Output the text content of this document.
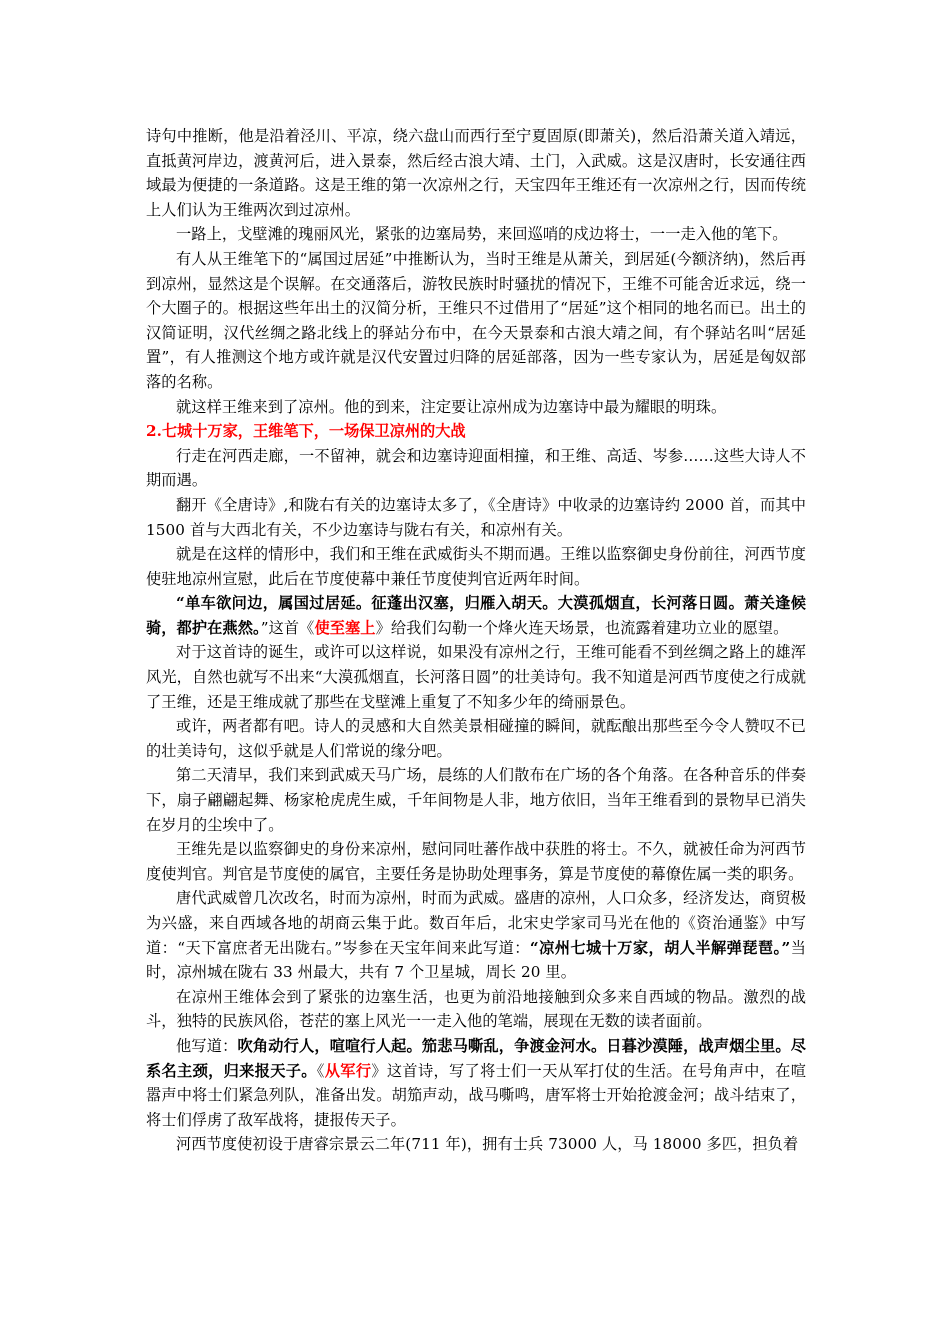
诗句中推断，他是沿着泾川、平凉，绕六盘山而西行至宁夏固原(即萧关)，然后沿萧关道入靖远，直抵黄河岸边，渡黄河后，进入景泰，然后经古浪大靖、土门，入武威。这是汉唐时，长安通往西域最为便捷的一条道路。这是王维的第一次凉州之行，天宝四年王维还有一次凉州之行，因而传统上人们认为王维两次到过凉州。

一路上，戈壁滩的瑰丽风光，紧张的边塞局势，来回巡哨的戍边将士，一一走入他的笔下。

有人从王维笔下的“属国过居延”中推断认为，当时王维是从萧关，到居延(今额济纳)，然后再到凉州，显然这是个误解。在交通落后，游牧民族时时骚扰的情况下，王维不可能舍近求远，绕一个大圈子的。根据这些年出土的汉简分析，王维只不过借用了“居延”这个相同的地名而已。出土的汉简证明，汉代丝绸之路北线上的驿站分布中，在今天景泰和古浪大靖之间，有个驿站名叫“居延置”，有人推测这个地方或许就是汉代安置过归降的居延部落，因为一些专家认为，居延是匈奴部落的名称。

就这样王维来到了凉州。他的到来，注定要让凉州成为边塞诗中最为耀眼的明珠。

2.七城十万家，王维笔下，一场保卫凉州的大战

行走在河西走廊，一不留神，就会和边塞诗迎面相撞，和王维、高适、岑参……这些大诗人不期而遇。

翻开《全唐诗》,和陇右有关的边塞诗太多了，《全唐诗》中收录的边塞诗约 2000 首，而其中 1500 首与大西北有关，不少边塞诗与陇右有关，和凉州有关。

就是在这样的情形中，我们和王维在武威街头不期而遇。王维以监察御史身份前往，河西节度使驻地凉州宣慰，此后在节度使幕中兼任节度使判官近两年时间。

“单车欲问边，属国过居延。征蓬出汉塞，归雁入胡天。大漠孤烟直，长河落日圆。萧关逢候骑，都护在燕然。”这首《使至塞上》给我们勾勒一个烽火连天场景，也流露着建功立业的愿望。

对于这首诗的诞生，或许可以这样说，如果没有凉州之行，王维可能看不到丝绸之路上的雄浑风光，自然也就写不出来“大漠孤烟直，长河落日圆”的壮美诗句。我不知道是河西节度使之行成就了王维，还是王维成就了那些在戈壁滩上重复了不知多少年的绮丽景色。

或许，两者都有吧。诗人的灵感和大自然美景相碰撞的瞬间，就酝酿出那些至今令人赞叹不已的壮美诗句，这似乎就是人们常说的缘分吧。

第二天清早，我们来到武威天马广场，晨练的人们散布在广场的各个角落。在各种音乐的伴奏下，扇子翩翩起舞、杨家枪虎虎生威，千年间物是人非，地方依旧，当年王维看到的景物早已消失在岁月的尘埃中了。

王维先是以监察御史的身份来凉州，慰问同吐蕃作战中获胜的将士。不久，就被任命为河西节度使判官。判官是节度使的属官，主要任务是协助处理事务，算是节度使的幕僚佐属一类的职务。

唐代武威曾几次改名，时而为凉州，时而为武威。盛唐的凉州，人口众多，经济发达，商贸极为兴盛，来自西域各地的胡商云集于此。数百年后，北宋史学家司马光在他的《资治通鉴》中写道：“天下富庶者无出陇右。”岑参在天宝年间来此写道：“凉州七城十万家，胡人半解弹琵琶。”当时，凉州城在陇右 33 州最大，共有 7 个卫星城，周长 20 里。

在凉州王维体会到了紧张的边塞生活，也更为前沿地接触到众多来自西域的物品。激烈的战斗，独特的民族风俗，苍茫的塞上风光一一走入他的笔端，展现在无数的读者面前。

他写道：吹角动行人，喧喧行人起。笳悲马嘶乱，争渡金河水。日暮沙漠陲，战声烟尘里。尽系名主颈，归来报天子。《从军行》这首诗，写了将士们一天从军打仗的生活。在号角声中，在喧嚣声中将士们紧急列队，准备出发。胡笳声动，战马嘶鸣，唐军将士开始抢渡金河；战斗结束了，将士们俘虏了敌军战将，捷报传天子。

河西节度使初设于唐睿宗景云二年(711 年)，拥有士兵 73000 人，马 18000 多匹，担负着
